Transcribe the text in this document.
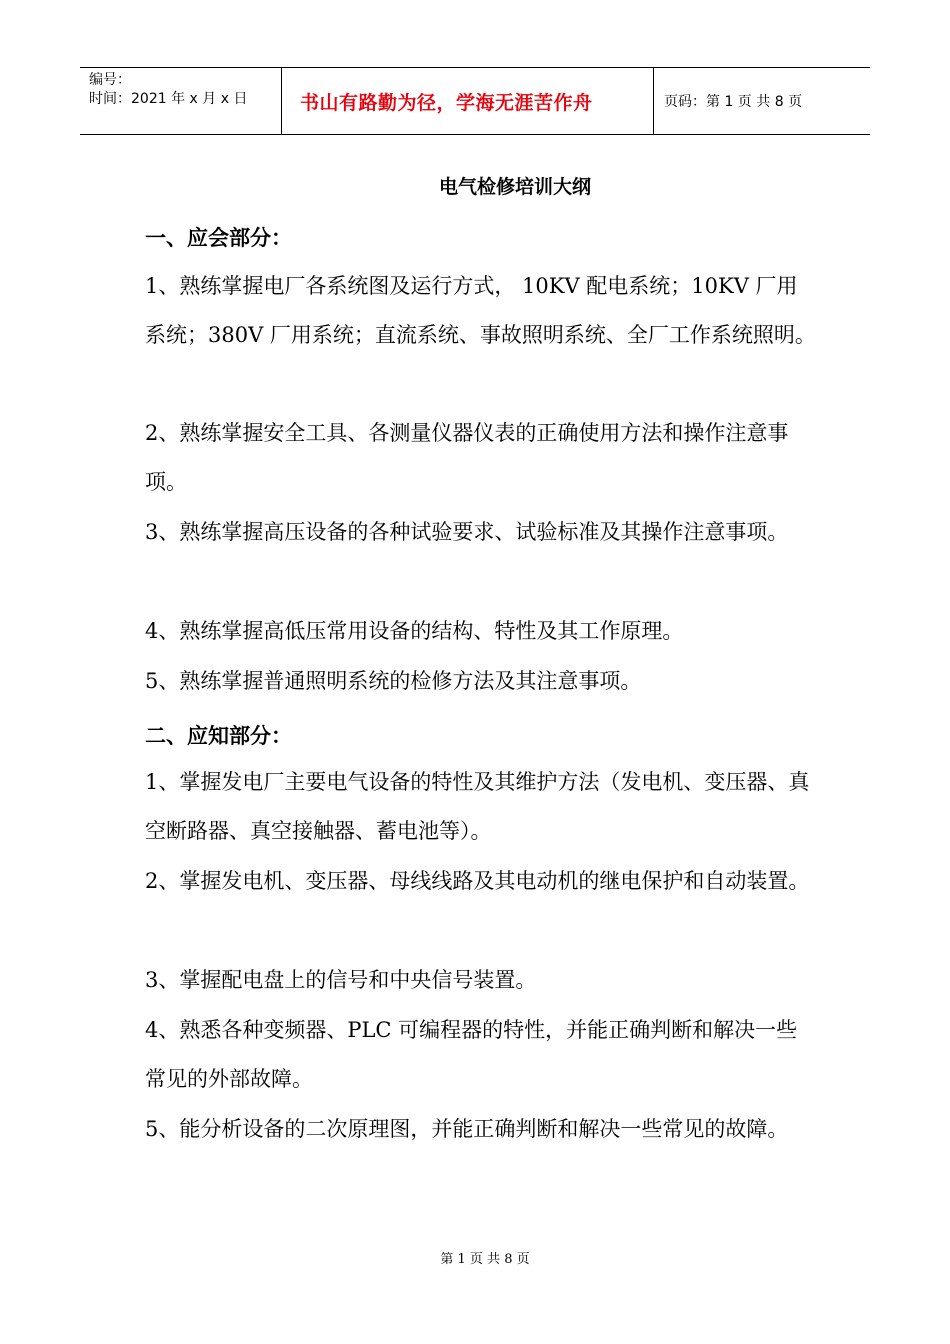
编号：
时间：2021 年 x 月 x 日	书山有路勤为径，学海无涯苦作舟	页码：第 1 页 共 8 页
电气检修培训大纲
一、应会部分：

1、熟练掌握电厂各系统图及运行方式， 10KV 配电系统；10KV 厂用系统；380V 厂用系统；直流系统、事故照明系统、全厂工作系统照明。

2、熟练掌握安全工具、各测量仪器仪表的正确使用方法和操作注意事项。

3、熟练掌握高压设备的各种试验要求、试验标准及其操作注意事项。

4、熟练掌握高低压常用设备的结构、特性及其工作原理。

5、熟练掌握普通照明系统的检修方法及其注意事项。

二、应知部分：

1、掌握发电厂主要电气设备的特性及其维护方法（发电机、变压器、真空断路器、真空接触器、蓄电池等）。

2、掌握发电机、变压器、母线线路及其电动机的继电保护和自动装置。

3、掌握配电盘上的信号和中央信号装置。

4、熟悉各种变频器、PLC 可编程器的特性，并能正确判断和解决一些常见的外部故障。

5、能分析设备的二次原理图，并能正确判断和解决一些常见的故障。

第 1 页 共 8 页
